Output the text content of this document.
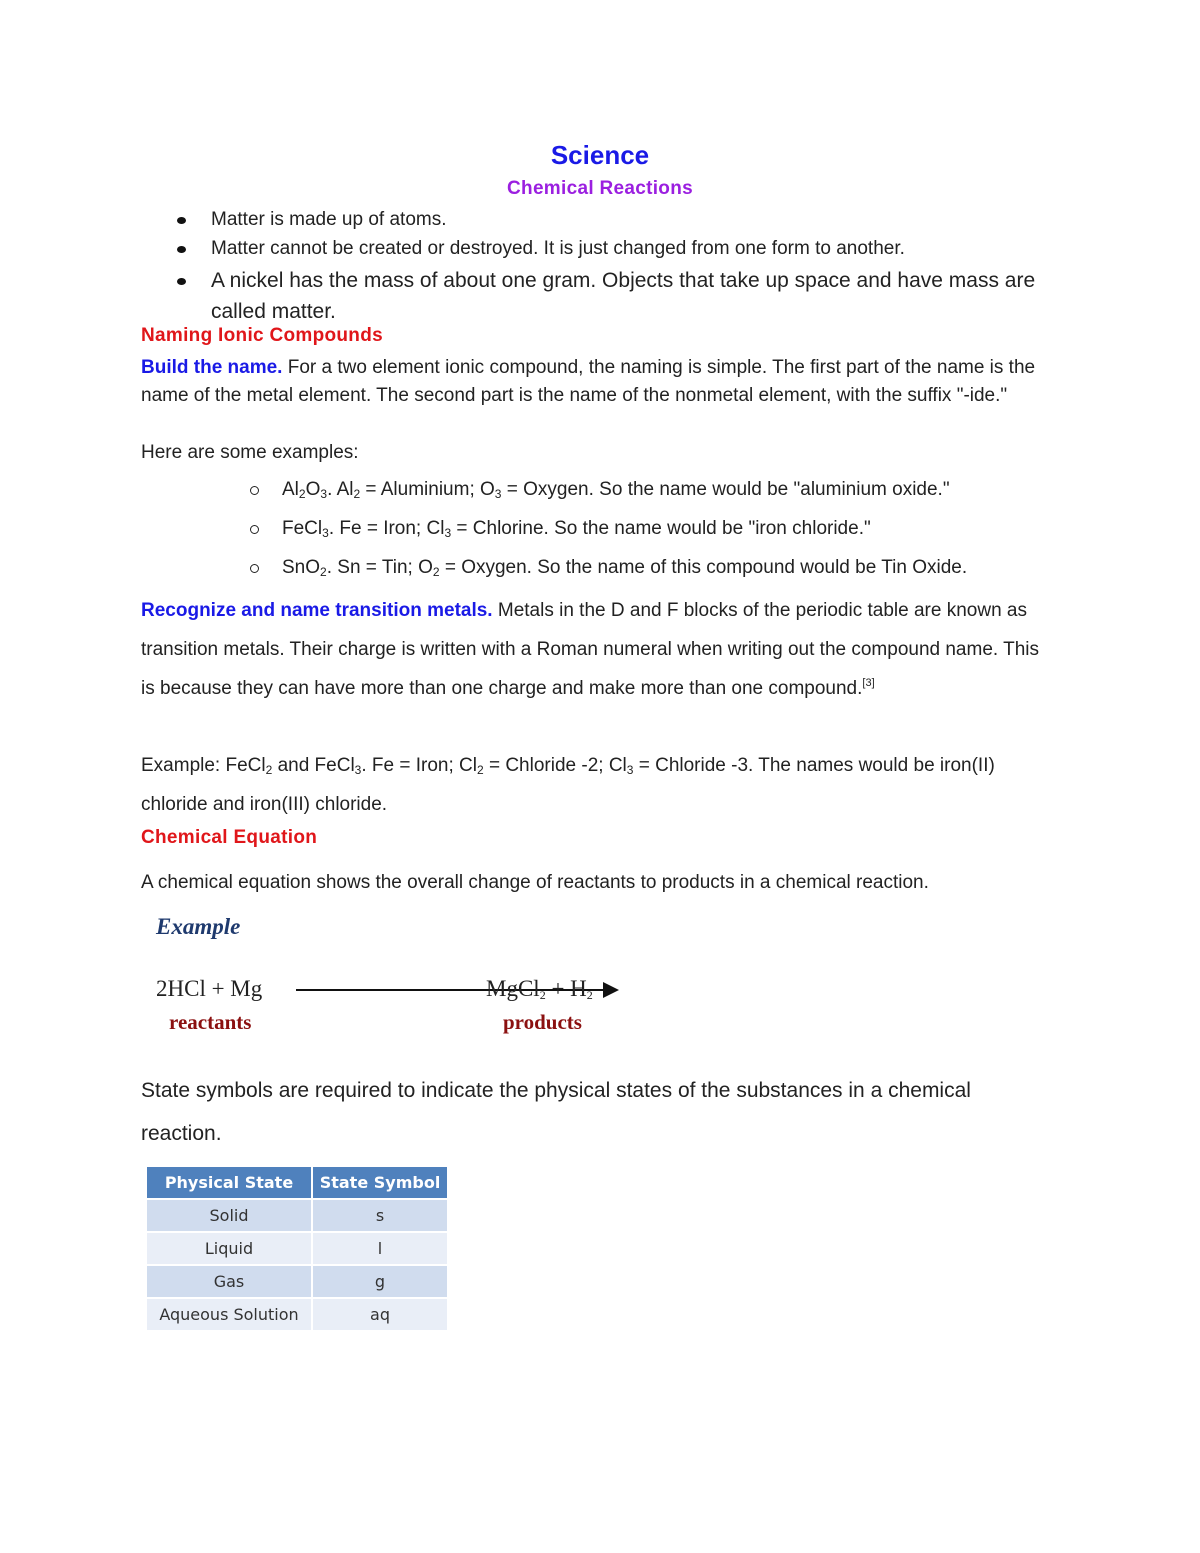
Science
Chemical Reactions
Matter is made up of atoms.
Matter cannot be created or destroyed. It is just changed from one form to another.
A nickel has the mass of about one gram. Objects that take up space and have mass are called matter.
Naming Ionic Compounds
Build the name. For a two element ionic compound, the naming is simple. The first part of the name is the name of the metal element. The second part is the name of the nonmetal element, with the suffix "-ide."
Here are some examples:
$Al_2O_3$. $Al_2$ = Aluminium; $O_3$ = Oxygen. So the name would be "aluminium oxide."
FeCl$_3$. Fe = Iron; $Cl_3$ = Chlorine. So the name would be "iron chloride."
SnO$_2$. Sn = Tin; $O_2$ = Oxygen. So the name of this compound would be Tin Oxide.
Recognize and name transition metals. Metals in the D and F blocks of the periodic table are known as transition metals. Their charge is written with a Roman numeral when writing out the compound name. This is because they can have more than one charge and make more than one compound.[3]
Example: FeCl$_2$ and FeCl$_3$. Fe = Iron; $Cl_2$ = Chloride -2; $Cl_3$ = Chloride -3. The names would be iron(II) chloride and iron(III) chloride.
Chemical Equation
A chemical equation shows the overall change of reactants to products in a chemical reaction.
Example
2HCl + Mg	MgCl$_2$ + $H_2$
reactants	products
State symbols are required to indicate the physical states of the substances in a chemical reaction.
Physical State	State Symbol
Solid	s
Liquid	l
Gas	g
Aqueous Solution	aq
